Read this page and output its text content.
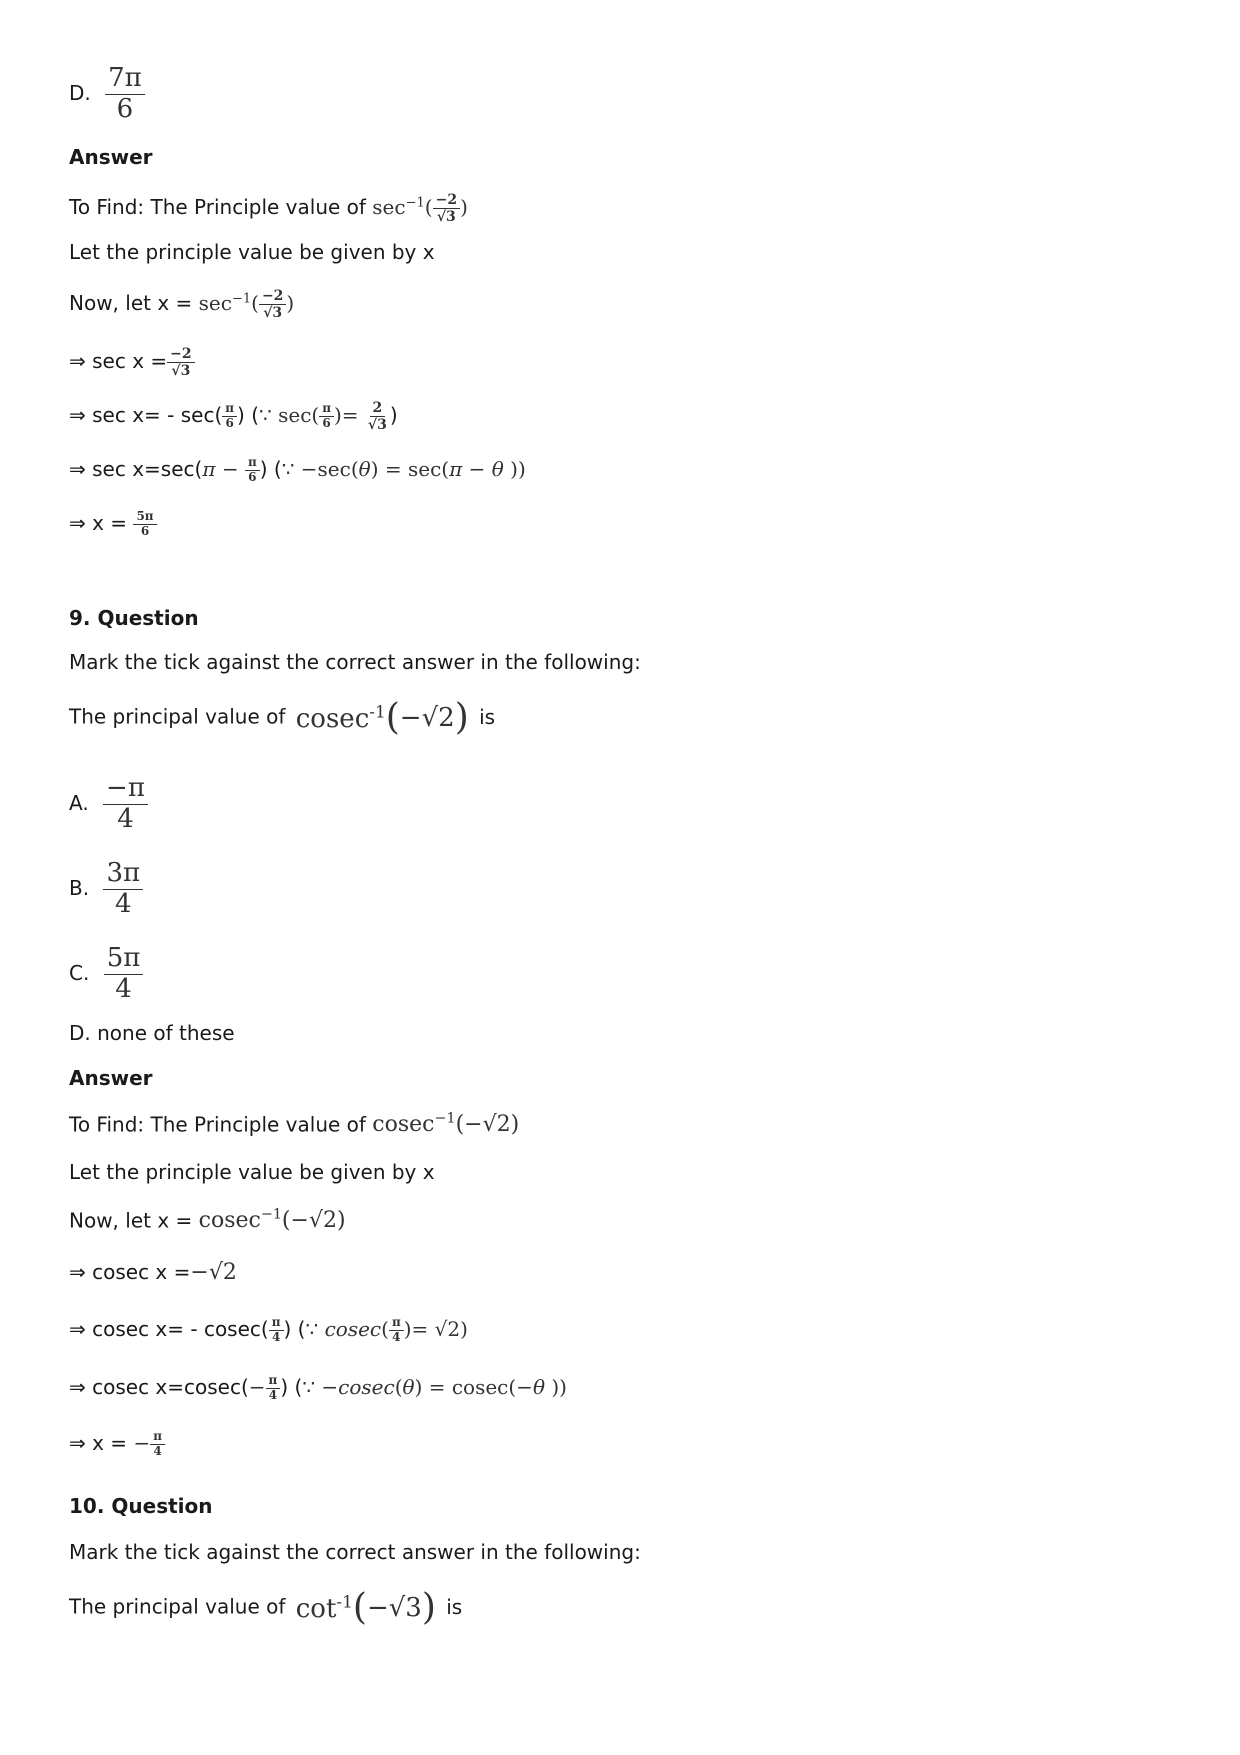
D. $\frac{7\pi}{6}$
Answer
To Find: The Principle value of $\sec^{-1}( \frac{-2}{√3}$ )
Let the principle value be given by x
Now, let $x = \sec^{-1}( \frac{-2}{√3}$ )
⇒ $\sec x = \frac{-2}{√3}$
⇒ $\sec x= - \sec( \frac{\pi}{6}$ ) (∵ $\sec( \frac{\pi}{6}$ )= $\frac{2}{√3}$ )
⇒ $\sec x=\sec(\pi - \frac{\pi}{6}$ ) (∵ −sec(θ) = sec(π − θ ))
⇒ $x = \frac{5\pi}{6}$
9. Question
Mark the tick against the correct answer in the following:
The principal value of cosec$^{-1}$(−√2) is
A. $\frac{-\pi}{4}$
B. $\frac{3\pi}{4}$
C. $\frac{5\pi}{4}$
D. none of these
Answer
To Find: The Principle value of cosec$^{-1}$(−√2)
Let the principle value be given by x
Now, let x = cosec$^{-1}$(−√2)
⇒ cosec x =−√2
⇒ cosec $x= - cosec( \frac{\pi}{4}$ ) (∵ $cosec( \frac{\pi}{4}$ )= √2)
⇒ cosec $x=cosec(- \frac{\pi}{4}$ ) (∵ −cosec(θ) = cosec(−θ ))
⇒ x = − $\frac{\pi}{4}$
10. Question
Mark the tick against the correct answer in the following:
The principal value of $\cot^{-1}(-√3)$ is
